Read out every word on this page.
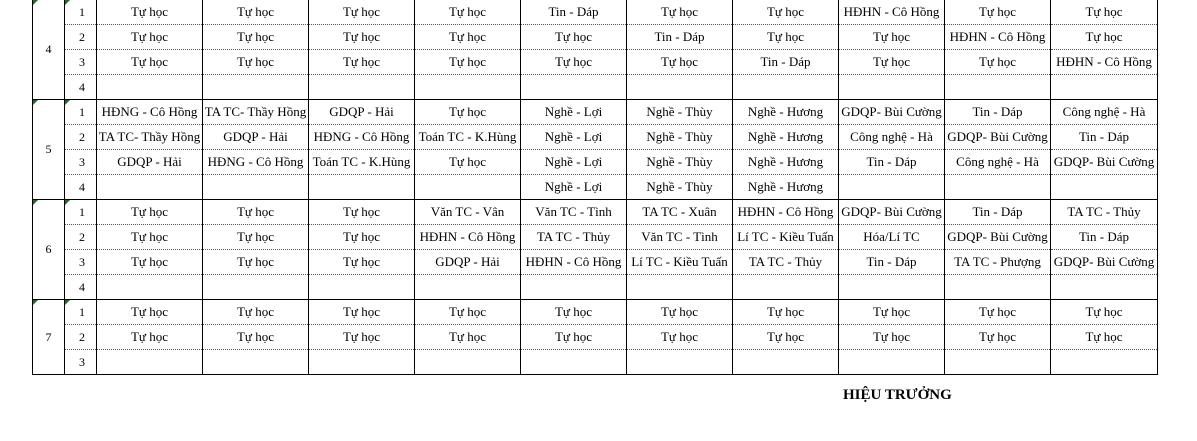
4	1	Tự học	Tự học	Tự học	Tự học	Tin - Dáp	Tự học	Tự học	HĐHN - Cô Hồng	Tự học	Tự học
	2	Tự học	Tự học	Tự học	Tự học	Tự học	Tin - Dáp	Tự học	Tự học	HĐHN - Cô Hồng	Tự học
	3	Tự học	Tự học	Tự học	Tự học	Tự học	Tự học	Tin - Dáp	Tự học	Tự học	HĐHN - Cô Hồng
	4										
5	1	HĐNG - Cô Hồng	TA TC- Thầy Hồng	GDQP - Hải	Tự học	Nghề - Lợi	Nghề - Thùy	Nghề - Hương	GDQP- Bùi Cường	Tin - Dáp	Công nghệ - Hà
	2	TA TC- Thầy Hồng	GDQP - Hải	HĐNG - Cô Hồng	Toán TC - K.Hùng	Nghề - Lợi	Nghề - Thùy	Nghề - Hương	Công nghệ - Hà	GDQP- Bùi Cường	Tin - Dáp
	3	GDQP - Hải	HĐNG - Cô Hồng	Toán TC - K.Hùng	Tự học	Nghề - Lợi	Nghề - Thùy	Nghề - Hương	Tin - Dáp	Công nghệ - Hà	GDQP- Bùi Cường
	4					Nghề - Lợi	Nghề - Thùy	Nghề - Hương			
6	1	Tự học	Tự học	Tự học	Văn TC - Vân	Văn TC - Tình	TA TC - Xuân	HĐHN - Cô Hồng	GDQP- Bùi Cường	Tin - Dáp	TA TC - Thủy
	2	Tự học	Tự học	Tự học	HĐHN - Cô Hồng	TA TC - Thủy	Văn TC - Tình	Lí TC - Kiều Tuấn	Hóa/Lí TC	GDQP- Bùi Cường	Tin - Dáp
	3	Tự học	Tự học	Tự học	GDQP - Hải	HĐHN - Cô Hồng	Lí TC - Kiều Tuấn	TA TC - Thủy	Tin - Dáp	TA TC - Phượng	GDQP- Bùi Cường
	4										
7	1	Tự học	Tự học	Tự học	Tự học	Tự học	Tự học	Tự học	Tự học	Tự học	Tự học
	2	Tự học	Tự học	Tự học	Tự học	Tự học	Tự học	Tự học	Tự học	Tự học	Tự học
	3										
HIỆU TRƯỞNG
